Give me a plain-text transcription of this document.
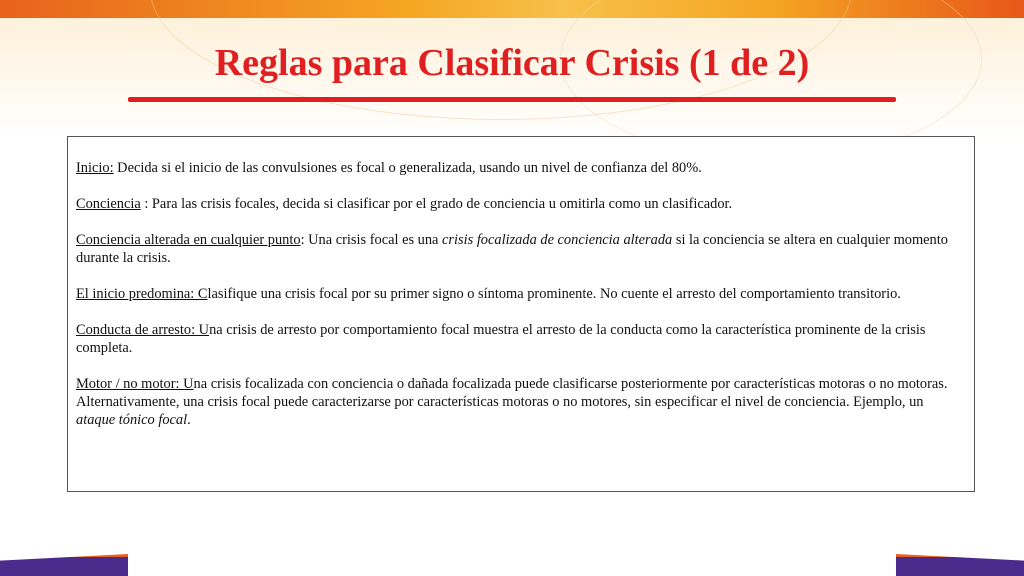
Reglas para Clasificar Crisis (1 de 2)

Inicio: Decida si el inicio de las convulsiones es focal o generalizada, usando un nivel de confianza del 80%.

Conciencia : Para las crisis focales, decida si clasificar por el grado de conciencia u omitirla como un clasificador.

Conciencia alterada en cualquier punto: Una crisis focal es una crisis focalizada de conciencia alterada si la conciencia se altera en cualquier momento durante la crisis.

El inicio predomina: Clasifique una crisis focal por su primer signo o síntoma prominente. No cuente el arresto del comportamiento transitorio.

Conducta de arresto: Una crisis de arresto por comportamiento focal muestra el arresto de la conducta como la característica prominente de la crisis completa.

Motor / no motor: Una crisis focalizada con conciencia o dañada focalizada puede clasificarse posteriormente por características motoras o no motoras. Alternativamente, una crisis focal puede caracterizarse por características motoras o no motores, sin especificar el nivel de conciencia. Ejemplo, un ataque tónico focal.
